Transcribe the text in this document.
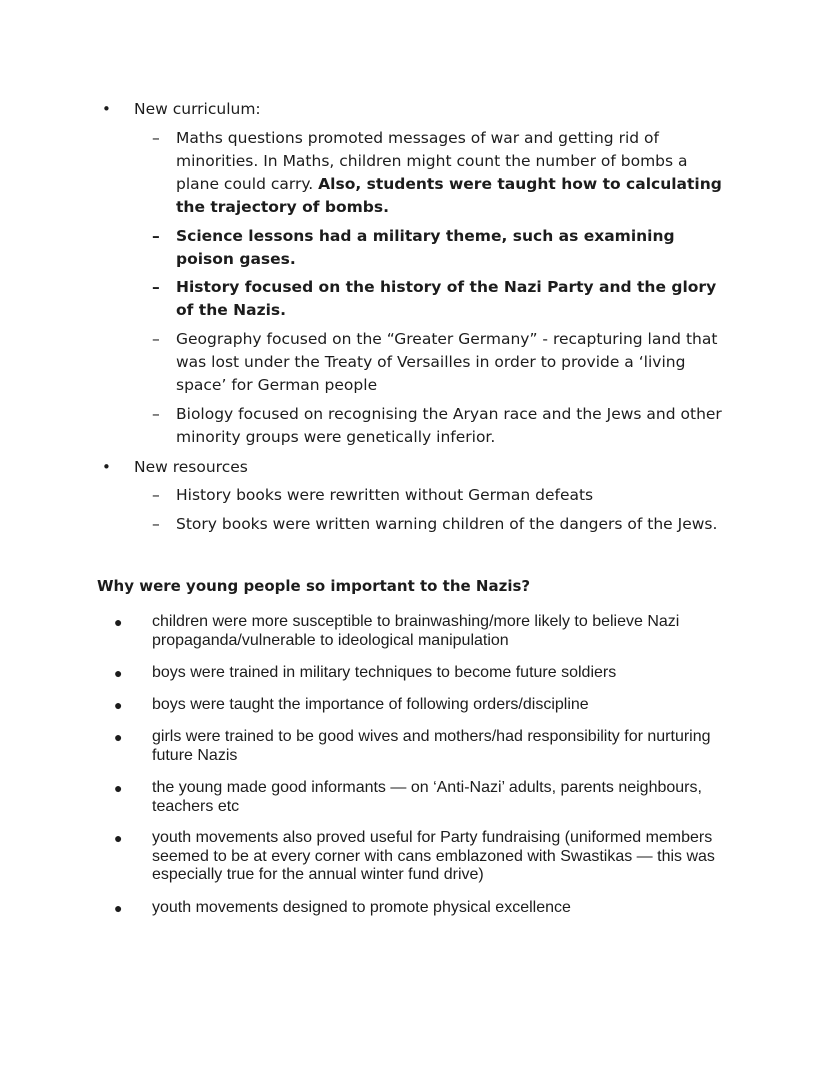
• New curriculum:
– Maths questions promoted messages of war and getting rid of minorities. In Maths, children might count the number of bombs a plane could carry. Also, students were taught how to calculating the trajectory of bombs.
– Science lessons had a military theme, such as examining poison gases.
– History focused on the history of the Nazi Party and the glory of the Nazis.
– Geography focused on the “Greater Germany” - recapturing land that was lost under the Treaty of Versailles in order to provide a ‘living space’ for German people
– Biology focused on recognising the Aryan race and the Jews and other minority groups were genetically inferior.
• New resources
– History books were rewritten without German defeats
– Story books were written warning children of the dangers of the Jews.
Why were young people so important to the Nazis?
● children were more susceptible to brainwashing/more likely to believe Nazi propaganda/vulnerable to ideological manipulation
● boys were trained in military techniques to become future soldiers
● boys were taught the importance of following orders/discipline
● girls were trained to be good wives and mothers/had responsibility for nurturing future Nazis
● the young made good informants — on ‘Anti-Nazi’ adults, parents neighbours, teachers etc
● youth movements also proved useful for Party fundraising (uniformed members seemed to be at every corner with cans emblazoned with Swastikas — this was especially true for the annual winter fund drive)
● youth movements designed to promote physical excellence
